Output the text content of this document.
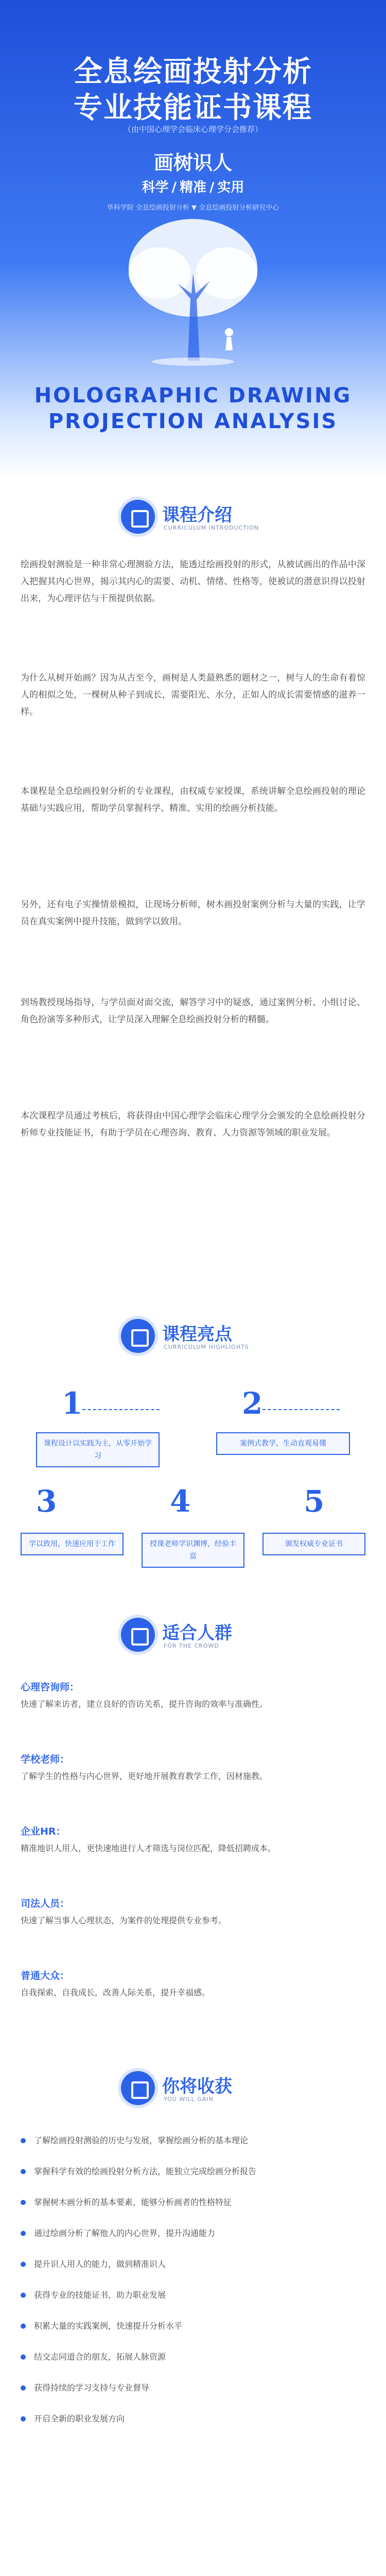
全息绘画投射分析
专业技能证书课程
（由中国心理学会临床心理学分会推荐）
画树识人
科学 / 精准 / 实用
华科学院 全息绘画投射分析 ▼ 全息绘画投射分析研究中心
HOLOGRAPHIC DRAWING
PROJECTION ANALYSIS
课程介绍
CURRICULUM INTRODUCTION
绘画投射测验是一种非常心理测验方法，能透过绘画投射的形式，从被试画出的作品中深入把握其内心世界，揭示其内心的需要、动机、情绪、性格等，使被试的潜意识得以投射出来，为心理评估与干预提供依据。
为什么从树开始画？因为从古至今，画树是人类最熟悉的题材之一，树与人的生命有着惊人的相似之处，一棵树从种子到成长，需要阳光、水分，正如人的成长需要情感的滋养一样。
本课程是全息绘画投射分析的专业课程，由权威专家授课，系统讲解全息绘画投射的理论基础与实践应用，帮助学员掌握科学、精准、实用的绘画分析技能。
另外，还有电子实操情景模拟，让现场分析师，树木画投射案例分析与大量的实践，让学员在真实案例中提升技能，做到学以致用。
到场教授现场指导，与学员面对面交流，解答学习中的疑惑，通过案例分析、小组讨论、角色扮演等多种形式，让学员深入理解全息绘画投射分析的精髓。
本次课程学员通过考核后，将获得由中国心理学会临床心理学分会颁发的全息绘画投射分析师专业技能证书，有助于学员在心理咨询、教育、人力资源等领域的职业发展。
课程亮点
CURRICULUM HIGHLIGHTS
1
课程设计以实践为主，从零开始学习
2
案例式教学，生动直观易懂
3
学以致用，快速应用于工作
4
授课老师学识渊博，经验丰富
5
颁发权威专业证书
适合人群
FOR THE CROWD
心理咨询师：
快速了解来访者，建立良好的咨访关系，提升咨询的效率与准确性。
学校老师：
了解学生的性格与内心世界，更好地开展教育教学工作，因材施教。
企业HR：
精准地识人用人，更快速地进行人才筛选与岗位匹配，降低招聘成本。
司法人员：
快速了解当事人心理状态，为案件的处理提供专业参考。
普通大众：
自我探索、自我成长，改善人际关系，提升幸福感。
你将收获
YOU WILL GAIN
了解绘画投射测验的历史与发展，掌握绘画分析的基本理论
掌握科学有效的绘画投射分析方法，能独立完成绘画分析报告
掌握树木画分析的基本要素，能够分析画者的性格特征
通过绘画分析了解他人的内心世界，提升沟通能力
提升识人用人的能力，做到精准识人
获得专业的技能证书，助力职业发展
积累大量的实践案例，快速提升分析水平
结交志同道合的朋友，拓展人脉资源
获得持续的学习支持与专业督导
开启全新的职业发展方向
